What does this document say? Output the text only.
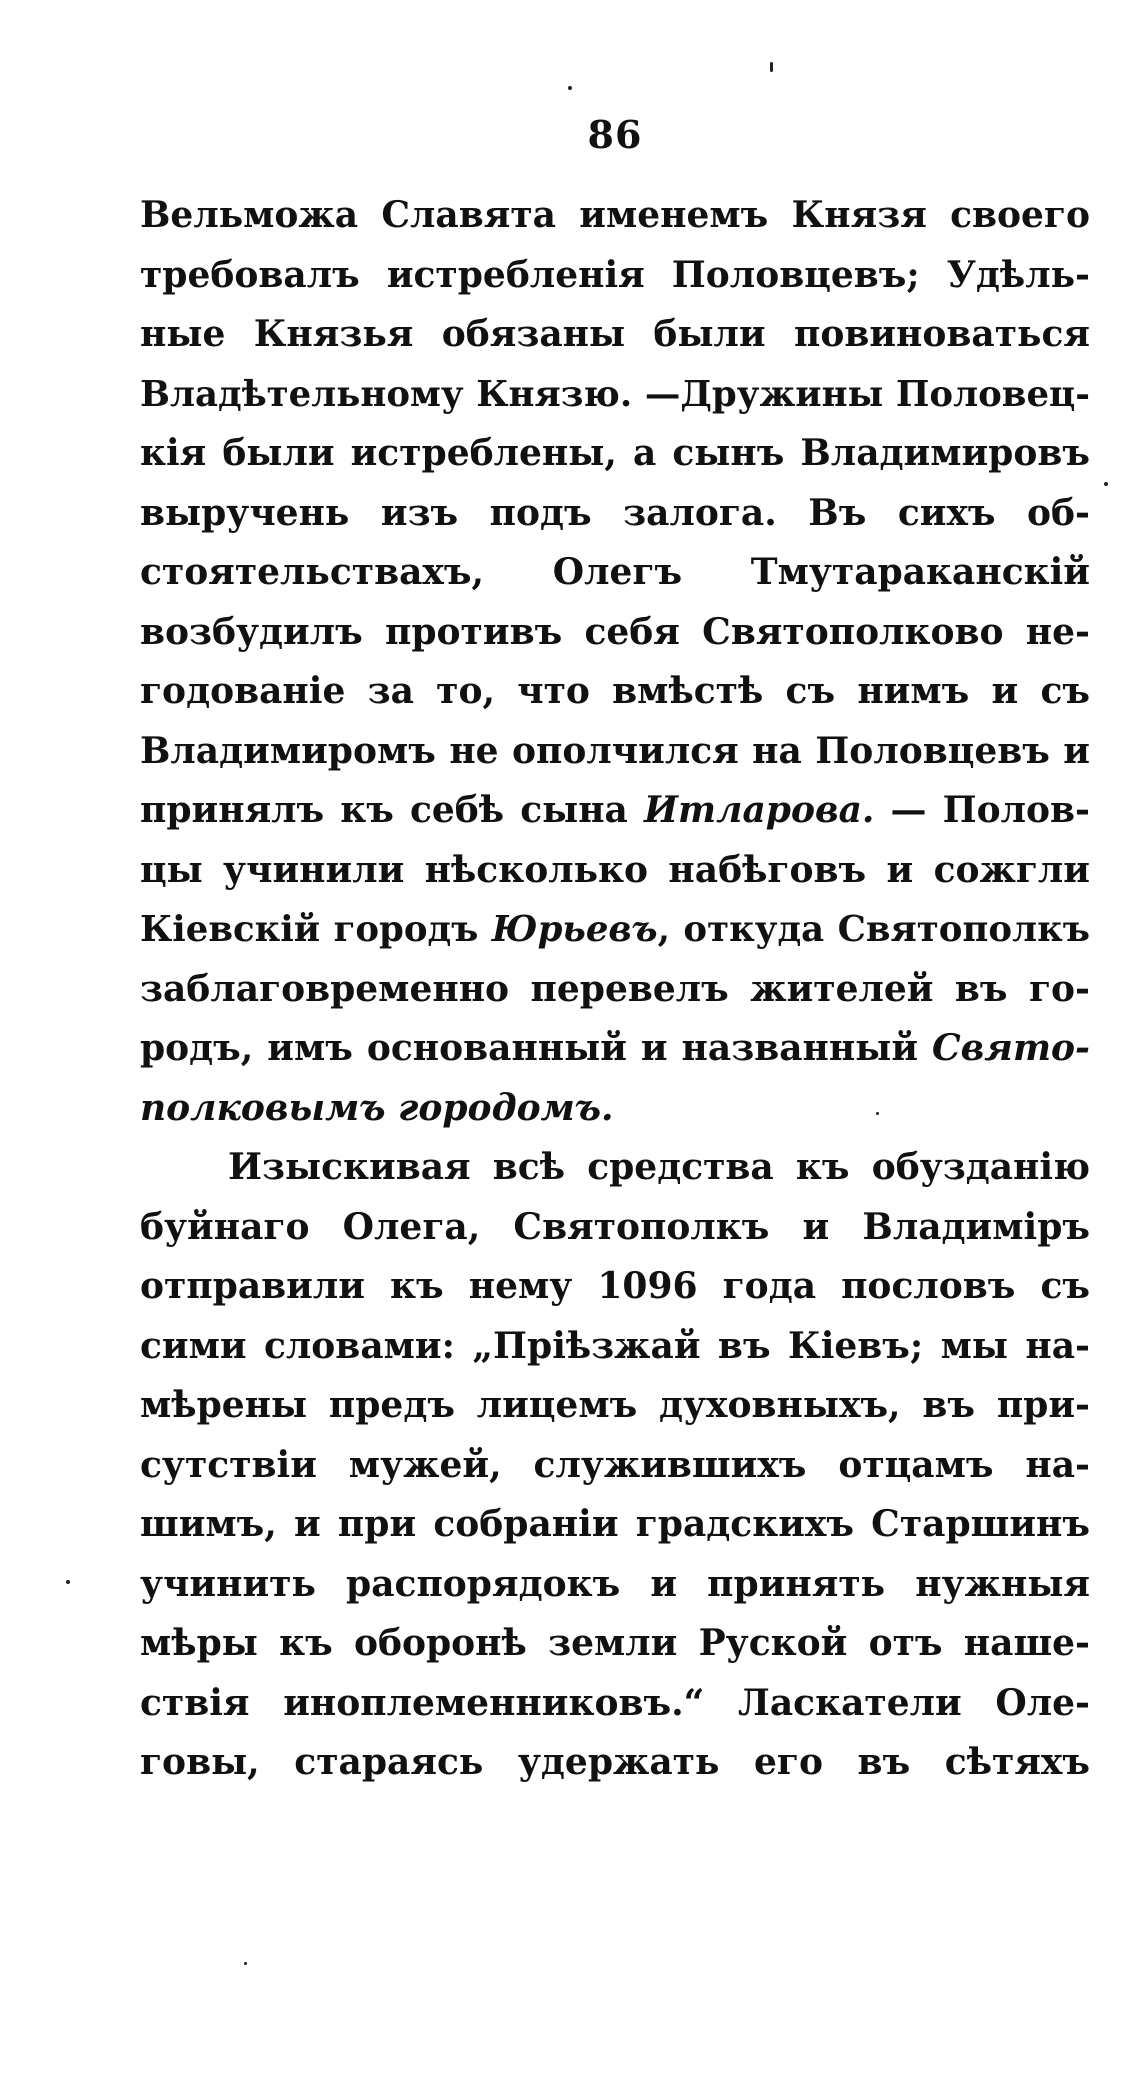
86
Вельможа Славята именемъ Князя своего
требовалъ истребленія Половцевъ; Удѣль-
ные Князья обязаны были повиноваться
Владѣтельному Князю. —Дружины Половец-
кія были истреблены, а сынъ Владимировъ
выручень изъ подъ залога. Въ сихъ об-
стоятельствахъ, Олегъ Тмутараканскій
возбудилъ противъ себя Святополково не-
годованіе за то, что вмѣстѣ съ нимъ и съ
Владимиромъ не ополчился на Половцевъ и
принялъ къ себѣ сына Итларова. — Полов-
цы учинили нѣсколько набѣговъ и сожгли
Кіевскій городъ Юрьевъ, откуда Святополкъ
заблаговременно перевелъ жителей въ го-
родъ, имъ основанный и названный Свято-
полковымъ городомъ.
Изыскивая всѣ средства къ обузданію
буйнаго Олега, Святополкъ и Владиміръ
отправили къ нему 1096 года пословъ съ
сими словами: „Пріѣзжай въ Кіевъ; мы на-
мѣрены предъ лицемъ духовныхъ, въ при-
сутствіи мужей, служившихъ отцамъ на-
шимъ, и при собраніи градскихъ Старшинъ
учинить распорядокъ и принять нужныя
мѣры къ оборонѣ земли Руской отъ наше-
ствія иноплеменниковъ.“ Ласкатели Оле-
говы, стараясь удержать его въ сѣтяхъ
